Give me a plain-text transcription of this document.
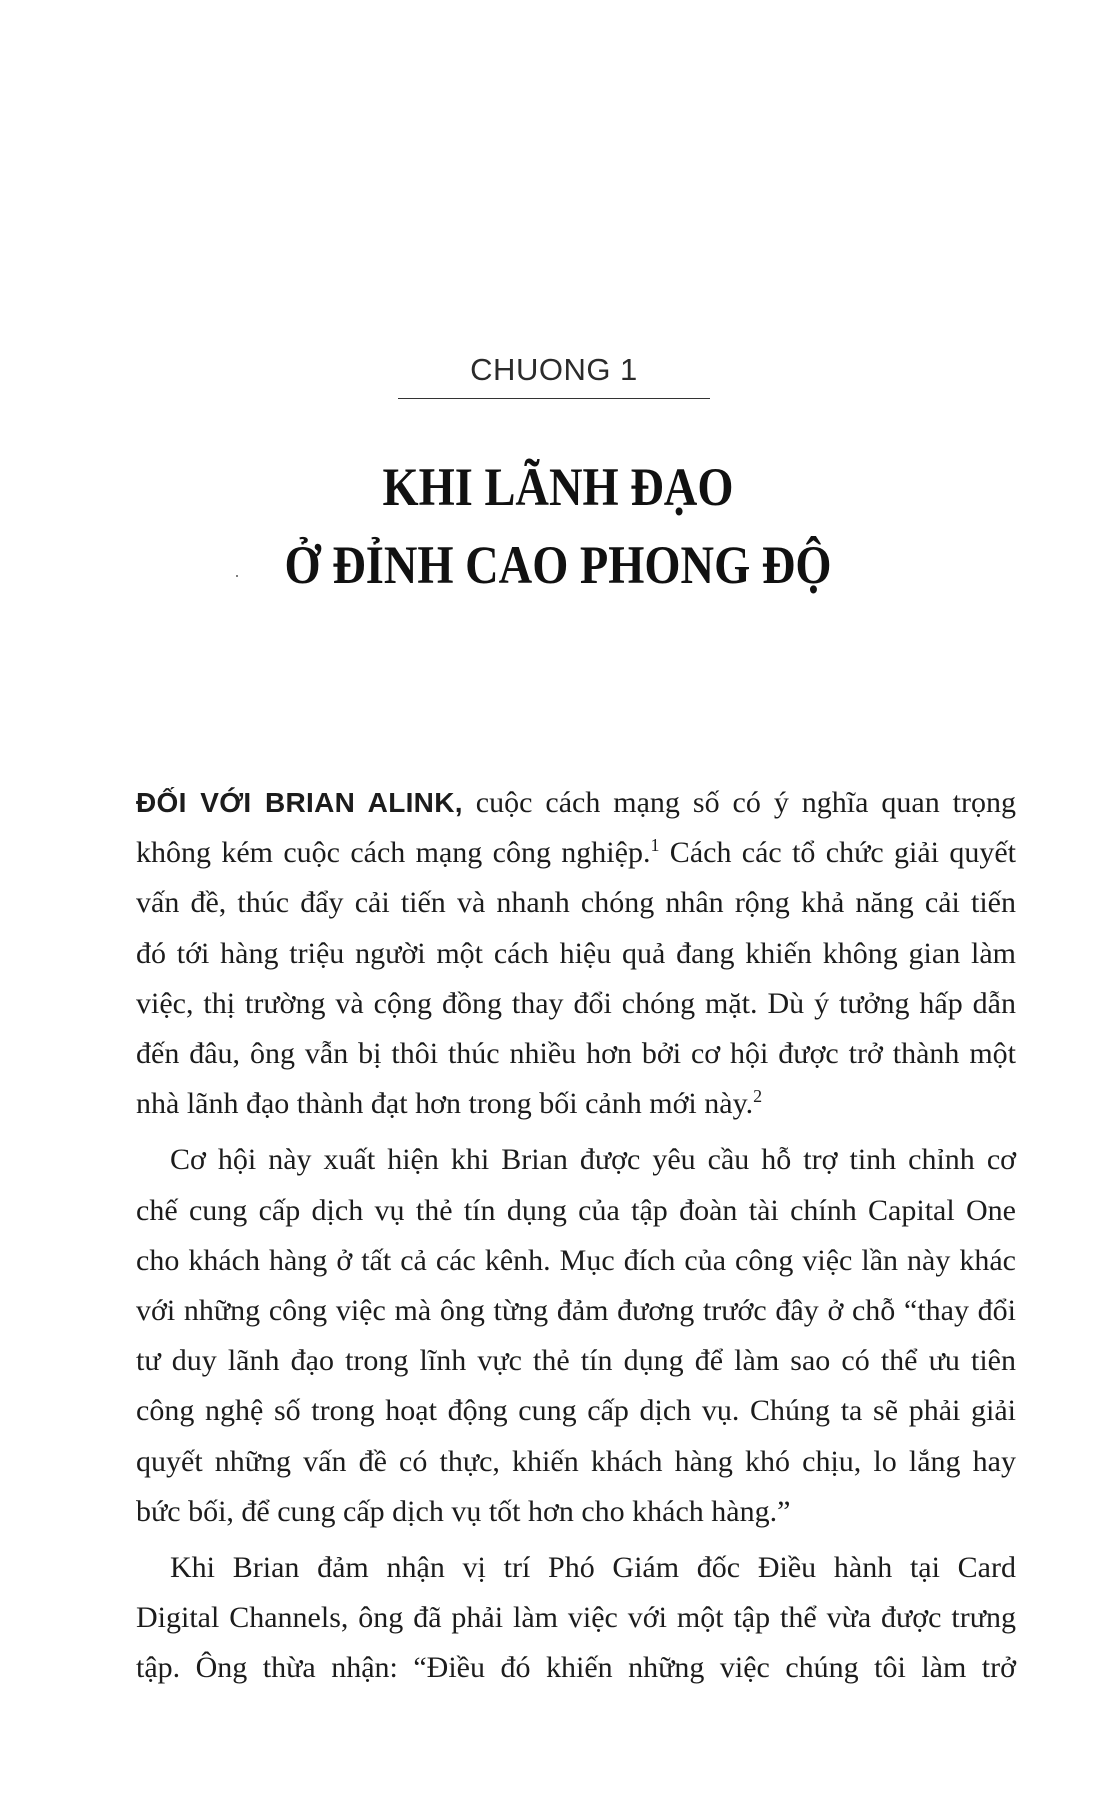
CHUONG 1
KHI LÃNH ĐẠO
Ở ĐỈNH CAO PHONG ĐỘ
ĐỐI VỚI BRIAN ALINK, cuộc cách mạng số có ý nghĩa quan trọng
không kém cuộc cách mạng công nghiệp.$^1$ Cách các tổ chức giải quyết
vấn đề, thúc đẩy cải tiến và nhanh chóng nhân rộng khả năng cải tiến
đó tới hàng triệu người một cách hiệu quả đang khiến không gian làm
việc, thị trường và cộng đồng thay đổi chóng mặt. Dù ý tưởng hấp dẫn
đến đâu, ông vẫn bị thôi thúc nhiều hơn bởi cơ hội được trở thành một
nhà lãnh đạo thành đạt hơn trong bối cảnh mới này.$^2$
Cơ hội này xuất hiện khi Brian được yêu cầu hỗ trợ tinh chỉnh cơ
chế cung cấp dịch vụ thẻ tín dụng của tập đoàn tài chính Capital One
cho khách hàng ở tất cả các kênh. Mục đích của công việc lần này khác
với những công việc mà ông từng đảm đương trước đây ở chỗ “thay đổi
tư duy lãnh đạo trong lĩnh vực thẻ tín dụng để làm sao có thể ưu tiên
công nghệ số trong hoạt động cung cấp dịch vụ. Chúng ta sẽ phải giải
quyết những vấn đề có thực, khiến khách hàng khó chịu, lo lắng hay
bức bối, để cung cấp dịch vụ tốt hơn cho khách hàng.”
Khi Brian đảm nhận vị trí Phó Giám đốc Điều hành tại Card
Digital Channels, ông đã phải làm việc với một tập thể vừa được trưng
tập. Ông thừa nhận: “Điều đó khiến những việc chúng tôi làm trở
